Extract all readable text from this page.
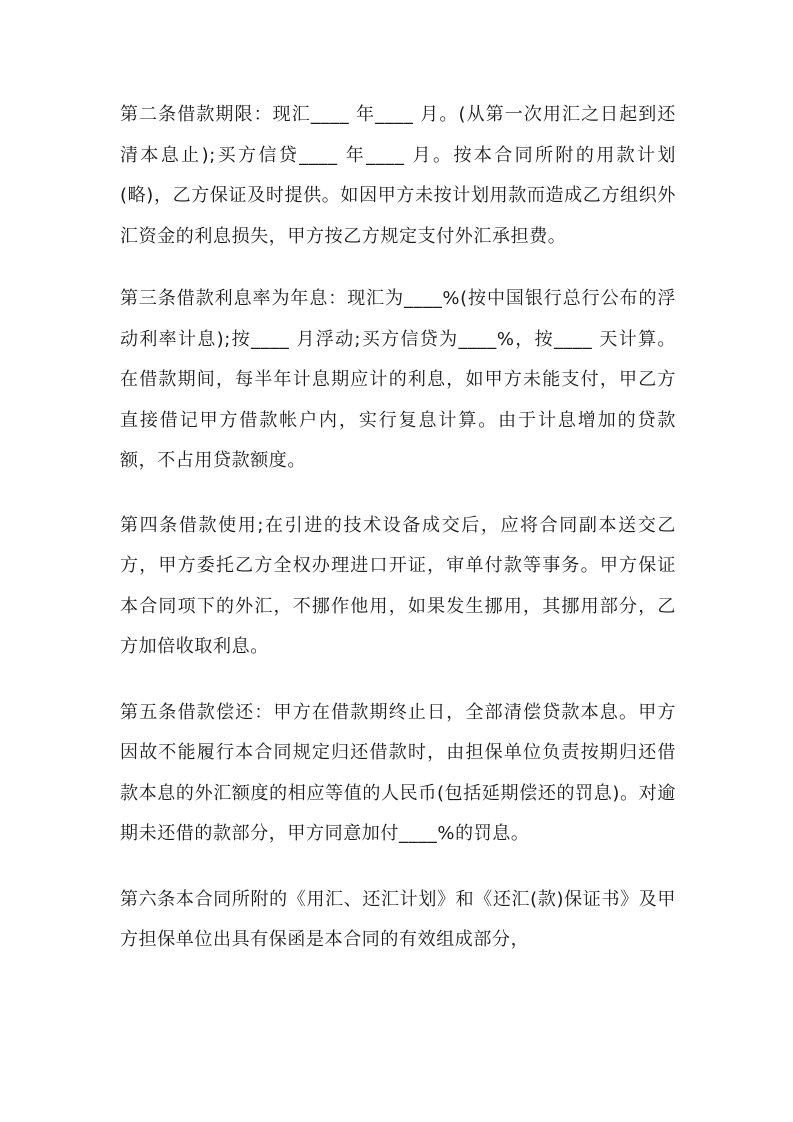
第二条借款期限：现汇____ 年____ 月。(从第一次用汇之日起到还清本息止);买方信贷____ 年____ 月。按本合同所附的用款计划(略)，乙方保证及时提供。如因甲方未按计划用款而造成乙方组织外汇资金的利息损失，甲方按乙方规定支付外汇承担费。

第三条借款利息率为年息：现汇为____%(按中国银行总行公布的浮动利率计息);按____ 月浮动;买方信贷为____%，按____ 天计算。在借款期间，每半年计息期应计的利息，如甲方未能支付，甲乙方直接借记甲方借款帐户内，实行复息计算。由于计息增加的贷款额，不占用贷款额度。

第四条借款使用;在引进的技术设备成交后，应将合同副本送交乙方，甲方委托乙方全权办理进口开证，审单付款等事务。甲方保证本合同项下的外汇，不挪作他用，如果发生挪用，其挪用部分，乙方加倍收取利息。

第五条借款偿还：甲方在借款期终止日，全部清偿贷款本息。甲方因故不能履行本合同规定归还借款时，由担保单位负责按期归还借款本息的外汇额度的相应等值的人民币(包括延期偿还的罚息)。对逾期未还借的款部分，甲方同意加付____%的罚息。

第六条本合同所附的《用汇、还汇计划》和《还汇(款)保证书》及甲方担保单位出具有保函是本合同的有效组成部分，
